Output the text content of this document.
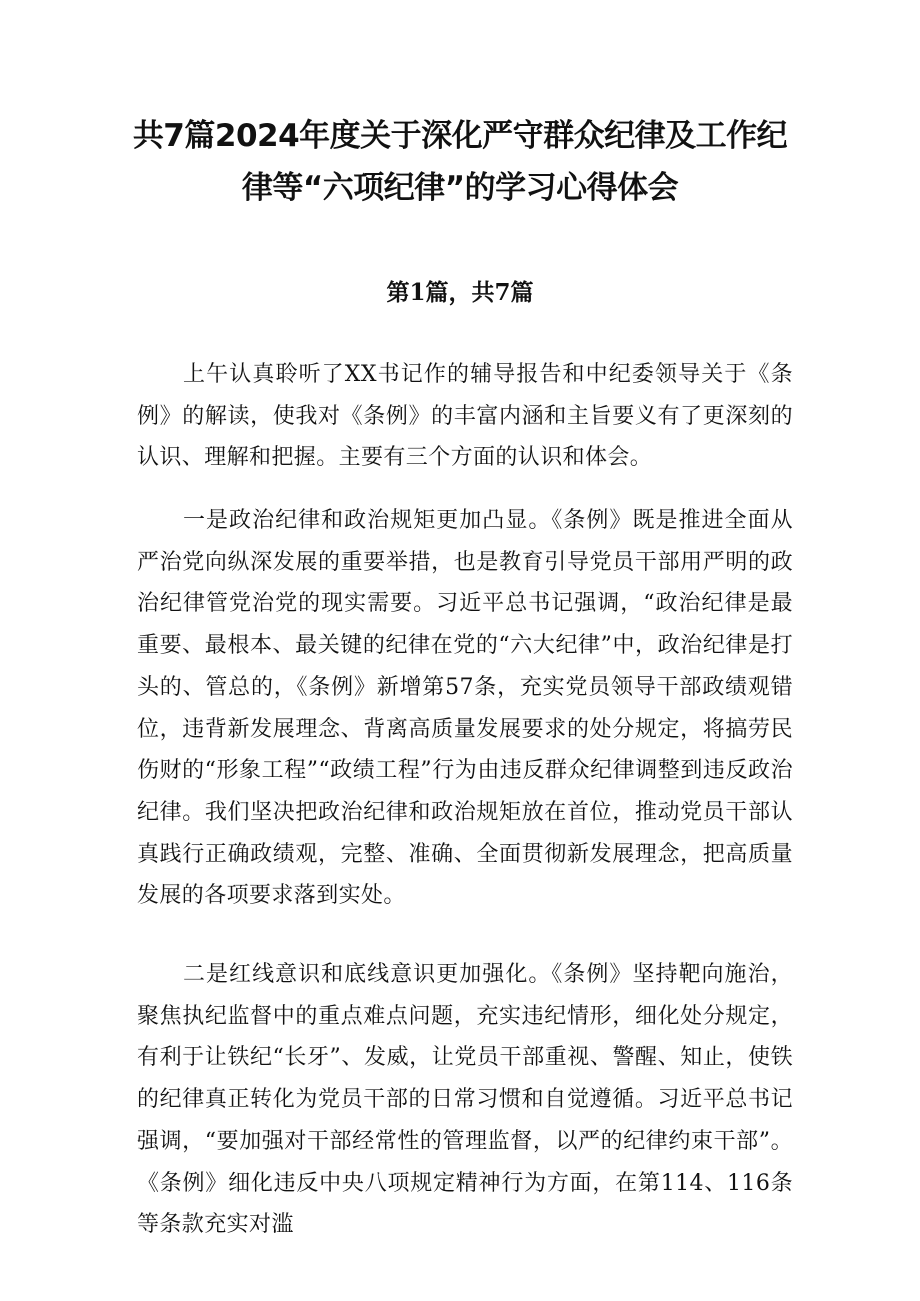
共7篇2024年度关于深化严守群众纪律及工作纪
律等“六项纪律”的学习心得体会
第1篇，共7篇

上午认真聆听了XX书记作的辅导报告和中纪委领导关于《条例》的解读，使我对《条例》的丰富内涵和主旨要义有了更深刻的认识、理解和把握。主要有三个方面的认识和体会。

一是政治纪律和政治规矩更加凸显。《条例》既是推进全面从严治党向纵深发展的重要举措，也是教育引导党员干部用严明的政治纪律管党治党的现实需要。习近平总书记强调，“政治纪律是最重要、最根本、最关键的纪律在党的“六大纪律”中，政治纪律是打头的、管总的，《条例》新增第57条，充实党员领导干部政绩观错位，违背新发展理念、背离高质量发展要求的处分规定，将搞劳民伤财的“形象工程”“政绩工程”行为由违反群众纪律调整到违反政治纪律。我们坚决把政治纪律和政治规矩放在首位，推动党员干部认真践行正确政绩观，完整、准确、全面贯彻新发展理念，把高质量发展的各项要求落到实处。

二是红线意识和底线意识更加强化。《条例》坚持靶向施治，聚焦执纪监督中的重点难点问题，充实违纪情形，细化处分规定，有利于让铁纪“长牙”、发威，让党员干部重视、警醒、知止，使铁的纪律真正转化为党员干部的日常习惯和自觉遵循。习近平总书记强调，“要加强对干部经常性的管理监督，以严的纪律约束干部”。《条例》细化违反中央八项规定精神行为方面，在第114、116条等条款充实对滥
